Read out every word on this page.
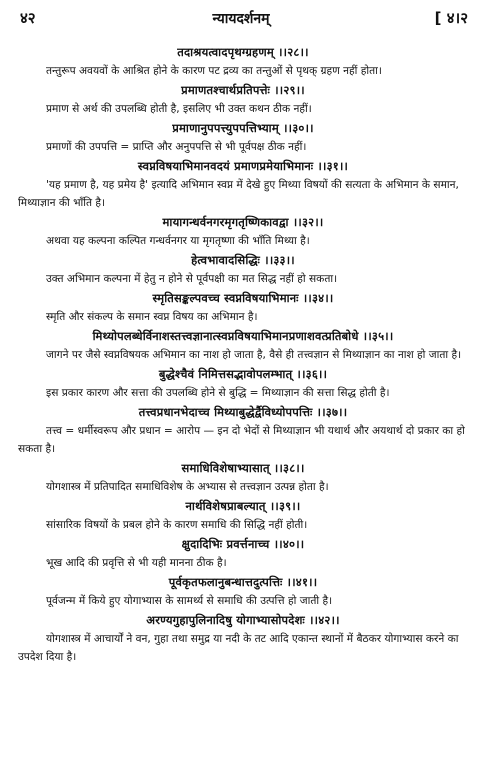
४२	न्यायदर्शनम्	[ ४।२
तदाश्रयत्वादपृथग्ग्रहणम् ।।२८।।

तन्तुरूप अवयवों के आश्रित होने के कारण पट द्रव्य का तन्तुओं से पृथक् ग्रहण नहीं होता।

प्रमाणतश्चार्थप्रतिपत्तेः ।।२९।।

प्रमाण से अर्थ की उपलब्धि होती है, इसलिए भी उक्त कथन ठीक नहीं।

प्रमाणानुपपत्त्युपपत्तिभ्याम् ।।३०।।

प्रमाणों की उपपत्ति = प्राप्ति और अनुपपत्ति से भी पूर्वपक्ष ठीक नहीं।

स्वप्नविषयाभिमानवदयं प्रमाणप्रमेयाभिमानः ।।३१।।

'यह प्रमाण है, यह प्रमेय है' इत्यादि अभिमान स्वप्न में देखे हुए मिथ्या विषयों की सत्यता के अभिमान के समान, मिथ्याज्ञान की भाँति है।

मायागन्धर्वनगरमृगतृष्णिकावद्वा ।।३२।।

अथवा यह कल्पना कल्पित गन्धर्वनगर या मृगतृष्णा की भाँति मिथ्या है।

हेत्वभावादसिद्धिः ।।३३।।

उक्त अभिमान कल्पना में हेतु न होने से पूर्वपक्षी का मत सिद्ध नहीं हो सकता।

स्मृतिसङ्कल्पवच्च स्वप्नविषयाभिमानः ।।३४।।

स्मृति और संकल्प के समान स्वप्न विषय का अभिमान है।

मिथ्योपलब्धेर्विनाशस्तत्त्वज्ञानात्स्वप्नविषयाभिमानप्रणाशवत्प्रतिबोधे ।।३५।।

जागने पर जैसे स्वप्नविषयक अभिमान का नाश हो जाता है, वैसे ही तत्त्वज्ञान से मिथ्याज्ञान का नाश हो जाता है।

बुद्धेश्चैवं निमित्तसद्भावोपलम्भात् ।।३६।।

इस प्रकार कारण और सत्ता की उपलब्धि होने से बुद्धि = मिथ्याज्ञान की सत्ता सिद्ध होती है।

तत्त्वप्रधानभेदाच्च मिथ्याबुद्धेर्द्वैविध्योपपत्तिः ।।३७।।

तत्त्व = धर्मीस्वरूप और प्रधान = आरोप — इन दो भेदों से मिथ्याज्ञान भी यथार्थ और अयथार्थ दो प्रकार का हो सकता है।

समाधिविशेषाभ्यासात् ।।३८।।

योगशास्त्र में प्रतिपादित समाधिविशेष के अभ्यास से तत्त्वज्ञान उत्पन्न होता है।

नार्थविशेषप्राबल्यात् ।।३९।।

सांसारिक विषयों के प्रबल होने के कारण समाधि की सिद्धि नहीं होती।

क्षुदादिभिः प्रवर्त्तनाच्च ।।४०।।

भूख आदि की प्रवृत्ति से भी यही मानना ठीक है।

पूर्वकृतफलानुबन्धात्तदुत्पत्तिः ।।४१।।

पूर्वजन्म में किये हुए योगाभ्यास के सामर्थ्य से समाधि की उत्पत्ति हो जाती है।

अरण्यगुहापुलिनादिषु योगाभ्यासोपदेशः ।।४२।।

योगशास्त्र में आचार्यों ने वन, गुहा तथा समुद्र या नदी के तट आदि एकान्त स्थानों में बैठकर योगाभ्यास करने का उपदेश दिया है।
